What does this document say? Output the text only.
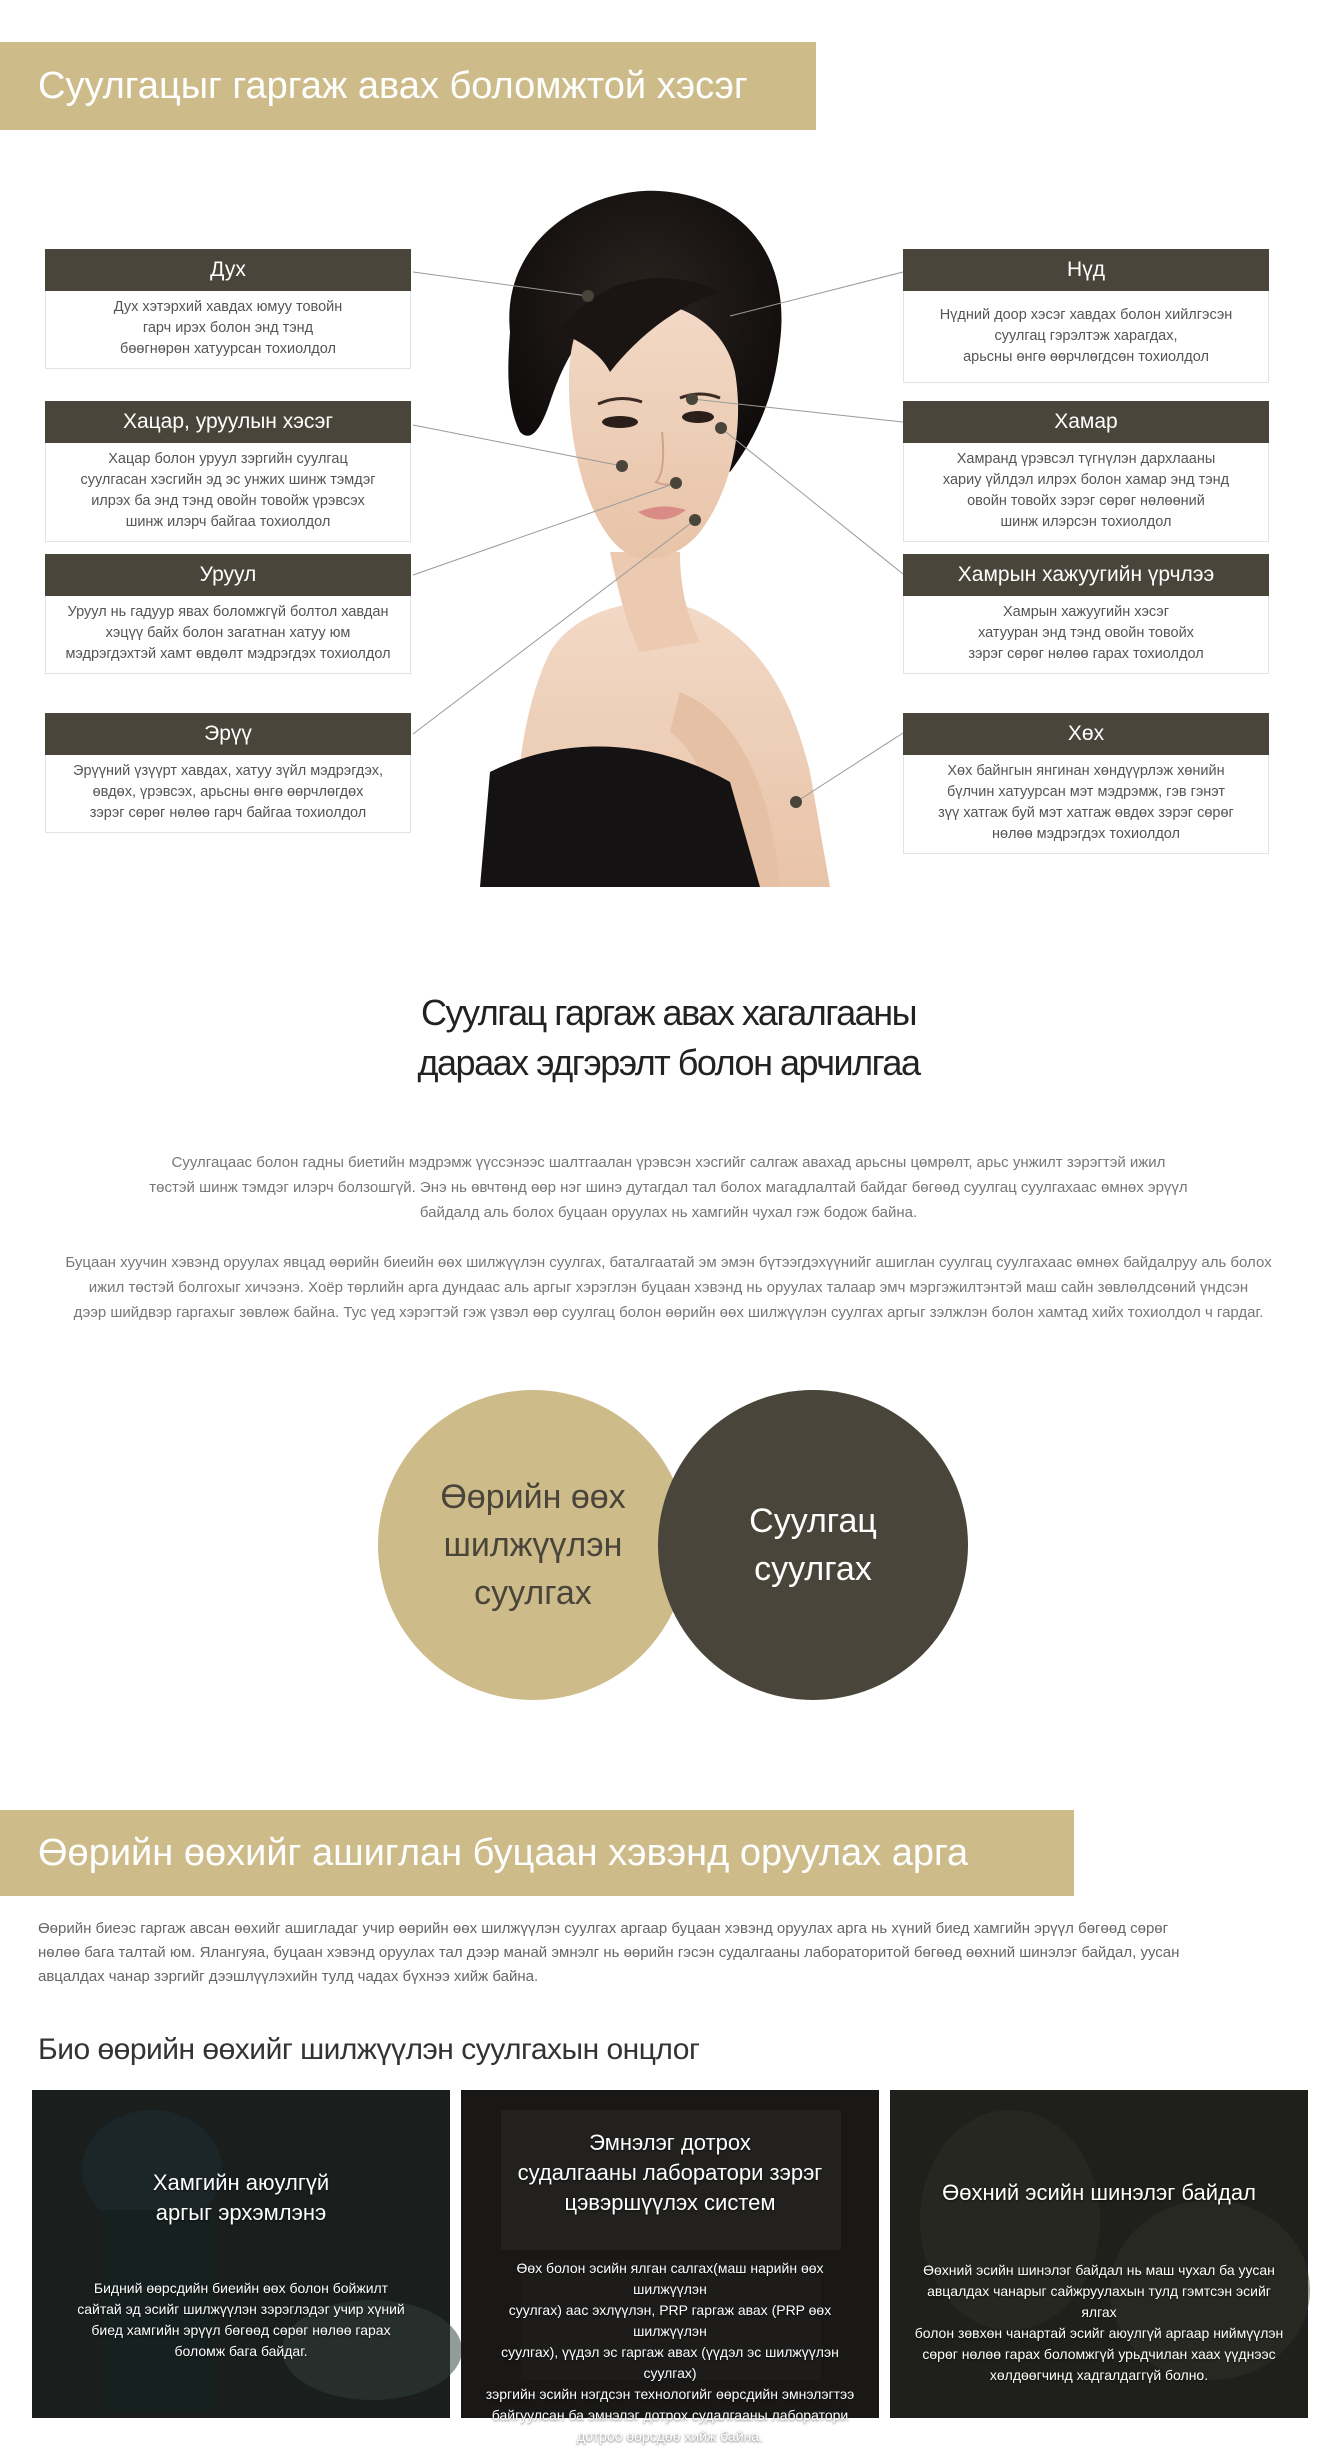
Суулгацыг гаргаж авах боломжтой хэсэг
Дух
Дух хэтэрхий хавдах юмуу товойн
гарч ирэх болон энд тэнд
бөөгнөрөн хатуурсан тохиолдол
Хацар, уруулын хэсэг
Хацар болон уруул зэргийн суулгац
суулгасан хэсгийн эд эс унжих шинж тэмдэг
илрэх ба энд тэнд овойн товойж үрэвсэх
шинж илэрч байгаа тохиолдол
Уруул
Уруул нь гадуур явах боломжгүй болтол хавдан
хэцүү байх болон загатнан хатуу юм
мэдрэгдэхтэй хамт өвдөлт мэдрэгдэх тохиолдол
Эрүү
Эрүүний үзүүрт хавдах, хатуу зүйл мэдрэгдэх,
өвдөх, үрэвсэх, арьсны өнгө өөрчлөгдөх
зэрэг сөрөг нөлөө гарч байгаа тохиолдол
Нүд
Нүдний доор хэсэг хавдах болон хийлгэсэн
суулгац гэрэлтэж харагдах,
арьсны өнгө өөрчлөгдсөн тохиолдол
Хамар
Хамранд үрэвсэл түгнүлэн дархлааны
хариу үйлдэл илрэх болон хамар энд тэнд
овойн товойх зэрэг сөрөг нөлөөний
шинж илэрсэн тохиолдол
Хамрын хажуугийн үрчлээ
Хамрын хажуугийн хэсэг
хатууран энд тэнд овойн товойх
зэрэг сөрөг нөлөө гарах тохиолдол
Хөх
Хөх байнгын янгинан хөндүүрлэж хөнийн
бүлчин хатуурсан мэт мэдрэмж, гэв гэнэт
зүү хатгаж буй мэт хатгаж өвдөх зэрэг сөрөг
нөлөө мэдрэгдэх тохиолдол
Суулгац гаргаж авах хагалгааны
дараах эдгэрэлт болон арчилгаа
Суулгацаас болон гадны биетийн мэдрэмж үүссэнээс шалтгаалан үрэвсэн хэсгийг салгаж авахад арьсны цөмрөлт, арьс унжилт зэрэгтэй ижил
төстэй шинж тэмдэг илэрч болзошгүй. Энэ нь өвчтөнд өөр нэг шинэ дутагдал тал болох магадлалтай байдаг бөгөөд суулгац суулгахаас өмнөх эрүүл
байдалд аль болох буцаан оруулах нь хамгийн чухал гэж бодож байна.
Буцаан хуучин хэвэнд оруулах явцад өөрийн биеийн өөх шилжүүлэн суулгах, баталгаатай эм эмэн бүтээгдэхүүнийг ашиглан суулгац суулгахаас өмнөх байдалруу аль болох
ижил төстэй болгохыг хичээнэ. Хоёр төрлийн арга дундаас аль аргыг хэрэглэн буцаан хэвэнд нь оруулах талаар эмч мэргэжилтэнтэй маш сайн зөвлөлдсөний үндсэн
дээр шийдвэр гаргахыг зөвлөж байна. Тус үед хэрэгтэй гэж үзвэл өөр суулгац болон өөрийн өөх шилжүүлэн суулгах аргыг зэлжлэн болон хамтад хийх тохиолдол ч гардаг.
Өөрийн өөх
шилжүүлэн
суулгах
Суулгац
суулгах
Өөрийн өөхийг ашиглан буцаан хэвэнд оруулах арга
Өөрийн биеэс гаргаж авсан өөхийг ашигладаг учир өөрийн өөх шилжүүлэн суулгах аргаар буцаан хэвэнд оруулах арга нь хүний биед хамгийн эрүүл бөгөөд сөрөг
нөлөө бага талтай юм. Ялангуяа, буцаан хэвэнд оруулах тал дээр манай эмнэлг нь өөрийн гэсэн судалгааны лабораторитой бөгөөд өөхний шинэлэг байдал, уусан
авцалдах чанар зэргийг дээшлүүлэхийн тулд чадах бүхнээ хийж байна.
Био өөрийн өөхийг шилжүүлэн суулгахын онцлог
Хамгийн аюулгүй
аргыг эрхэмлэнэ
Бидний өөрсдийн биеийн өөх болон бойжилт
сайтай эд эсийг шилжүүлэн зэрэглэдэг учир хүний
биед хамгийн эрүүл бөгөөд сөрөг нөлөө гарах
боломж бага байдаг.
Эмнэлэг дотрох
судалгааны лаборатори зэрэг
цэвэршүүлэх систем
Өөх болон эсийн ялган салгах(маш нарийн өөх шилжүүлэн
суулгах) аас эхлүүлэн, PRP гаргаж авах (PRP өөх шилжүүлэн
суулгах), үүдэл эс гаргаж авах (үүдэл эс шилжүүлэн суулгах)
зэргийн эсийн нэгдсэн технологийг өөрсдийн эмнэлэгтээ
байгуулсан ба эмнэлэг дотрох судалгааны лаборатори
дотроо өөрсдөө хийж байна.
Өөхний эсийн шинэлэг байдал
Өөхний эсийн шинэлэг байдал нь маш чухал ба уусан
авцалдах чанарыг сайжруулахын тулд гэмтсэн эсийг ялгах
болон зөвхөн чанартай эсийг аюулгүй аргаар ниймүүлэн
сөрөг нөлөө гарах боломжгүй урьдчилан хаах үүднээс
хөлдөөгчинд хадгалдаггүй болно.
